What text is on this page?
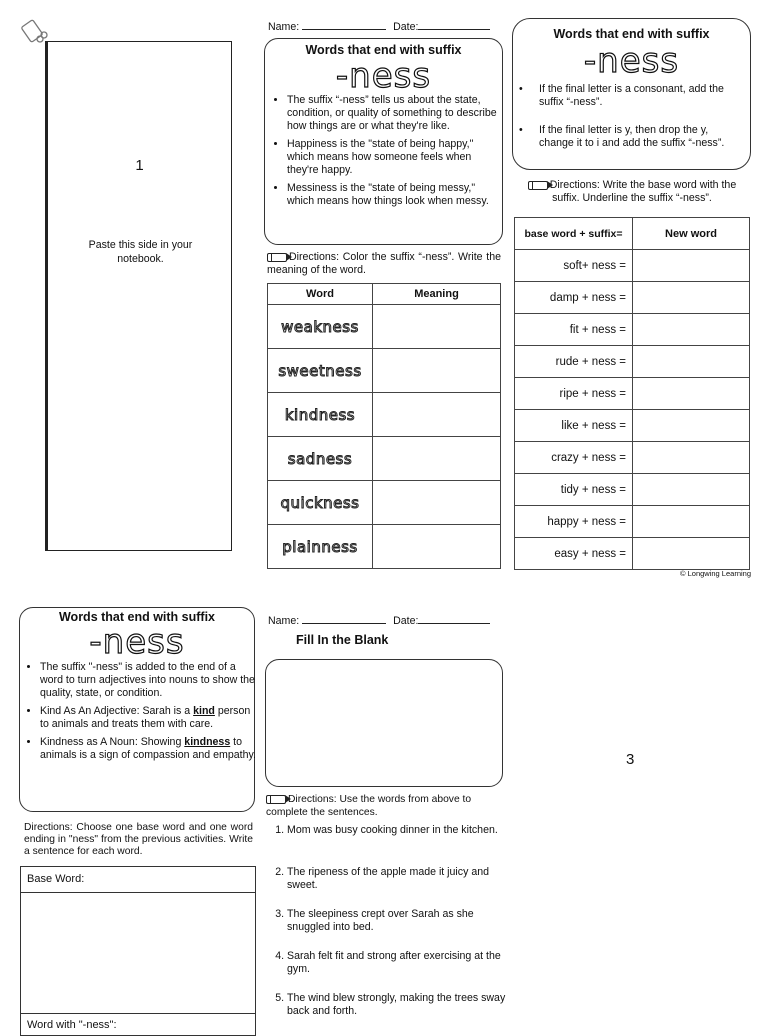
1
Paste this side in your notebook.
Name:	Date:
Words that end with suffix
-ness
• The suffix “-ness” tells us about the state, condition, or quality of something to describe how things are or what they're like.
• Happiness is the "state of being happy," which means how someone feels when they're happy.
• Messiness is the "state of being messy," which means how things look when messy.
Directions: Color the suffix “-ness”. Write the meaning of the word.
Word	Meaning
weakness	
sweetness	
kindness	
sadness	
quickness	
plainness	
Words that end with suffix
-ness
• If the final letter is a consonant, add the suffix “-ness”.
• If the final letter is y, then drop the y, change it to i and add the suffix “-ness”.
Directions: Write the base word with the suffix. Underline the suffix “-ness”.
base word + suffix=	New word
soft+ ness =	
damp + ness =	
fit + ness =	
rude + ness =	
ripe + ness =	
like + ness =	
crazy + ness =	
tidy + ness =	
happy + ness =	
easy + ness =	
© Longwing Learning
Words that end with suffix
-ness
• The suffix "-ness" is added to the end of a word to turn adjectives into nouns to show the quality, state, or condition.
• Kind As An Adjective: Sarah is a kind person to animals and treats them with care.
• Kindness as A Noun: Showing kindness to animals is a sign of compassion and empathy.
Directions: Choose one base word and one word ending in "ness" from the previous activities. Write a sentence for each word.
Base Word:
Word with "-ness":
Name:	Date:
Fill In the Blank
Directions: Use the words from above to complete the sentences.
1. Mom was busy cooking dinner in the kitchen.
2. The ripeness of the apple made it juicy and sweet.
3. The sleepiness crept over Sarah as she snuggled into bed.
4. Sarah felt fit and strong after exercising at the gym.
5. The wind blew strongly, making the trees sway back and forth.
3
